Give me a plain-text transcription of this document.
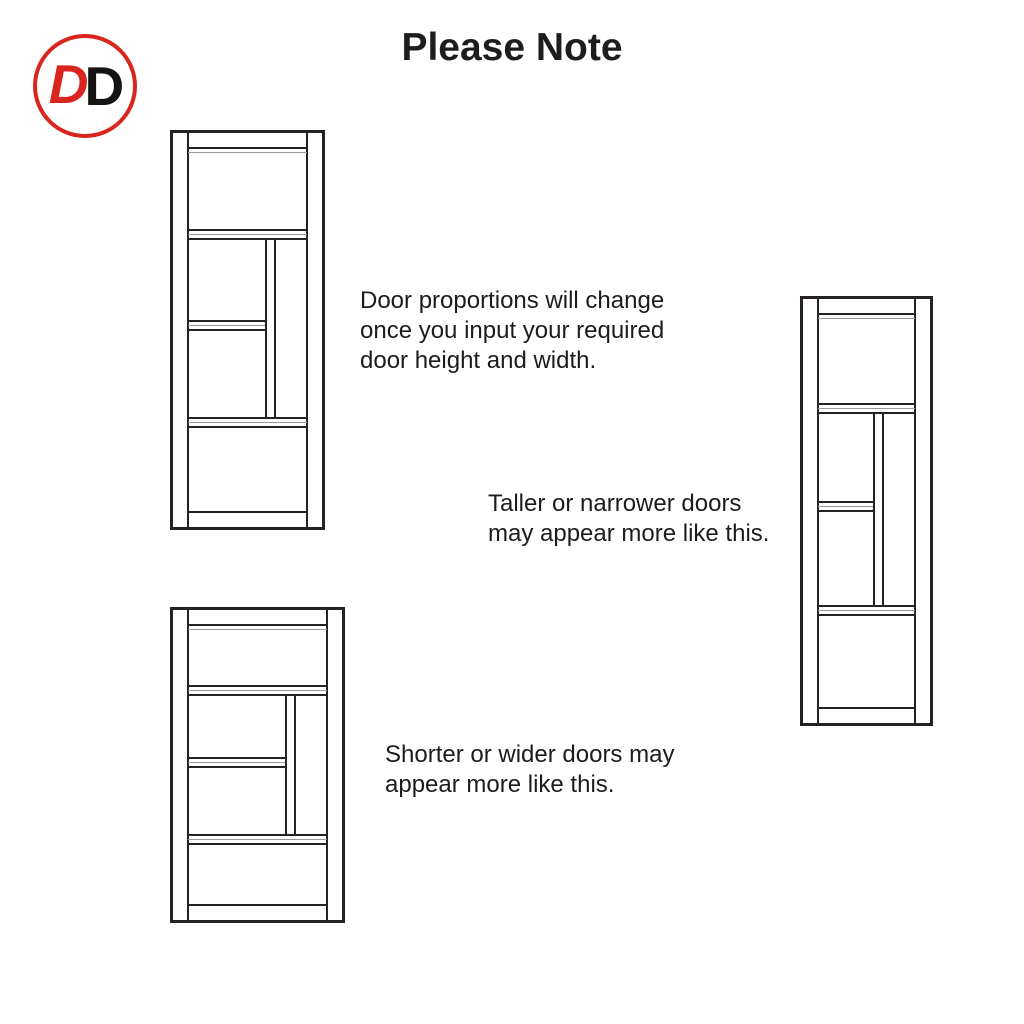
D D
Please Note
Door proportions will change
once you input your required
door height and width.
Taller or narrower doors
may appear more like this.
Shorter or wider doors may
appear more like this.
